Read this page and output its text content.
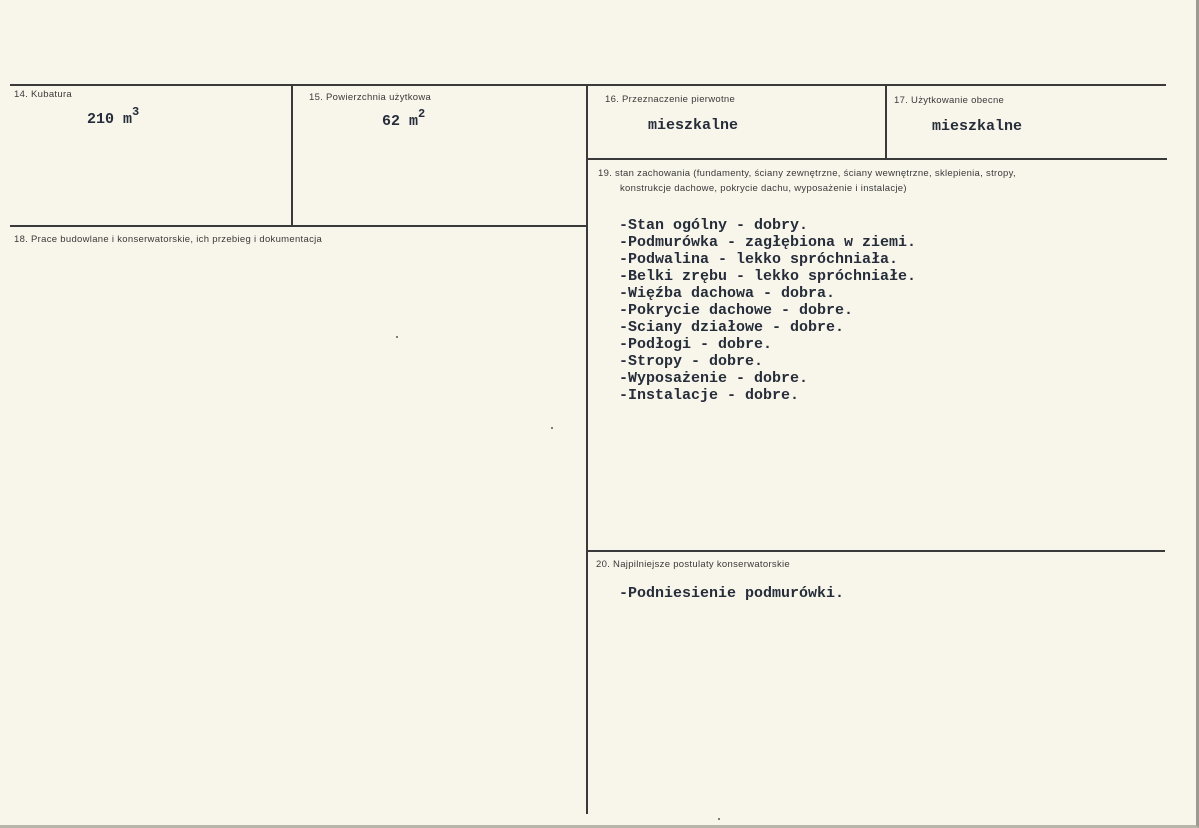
14. Kubatura
210 $m^3$
15. Powierzchnia użytkowa
62 $m^2$
16. Przeznaczenie pierwotne
mieszkalne
17. Użytkowanie obecne
mieszkalne
18. Prace budowlane i konserwatorskie, ich przebieg i dokumentacja
19. stan zachowania (fundamenty, ściany zewnętrzne, ściany wewnętrzne, sklepienia, stropy,
konstrukcje dachowe, pokrycie dachu, wyposażenie i instalacje)
-Stan ogólny - dobry.
-Podmurówka - zagłębiona w ziemi.
-Podwalina - lekko spróchniała.
-Belki zrębu - lekko spróchniałe.
-Więźba dachowa - dobra.
-Pokrycie dachowe - dobre.
-Sciany działowe - dobre.
-Podłogi - dobre.
-Stropy - dobre.
-Wyposażenie - dobre.
-Instalacje - dobre.
20. Najpilniejsze postulaty konserwatorskie
-Podniesienie podmurówki.
